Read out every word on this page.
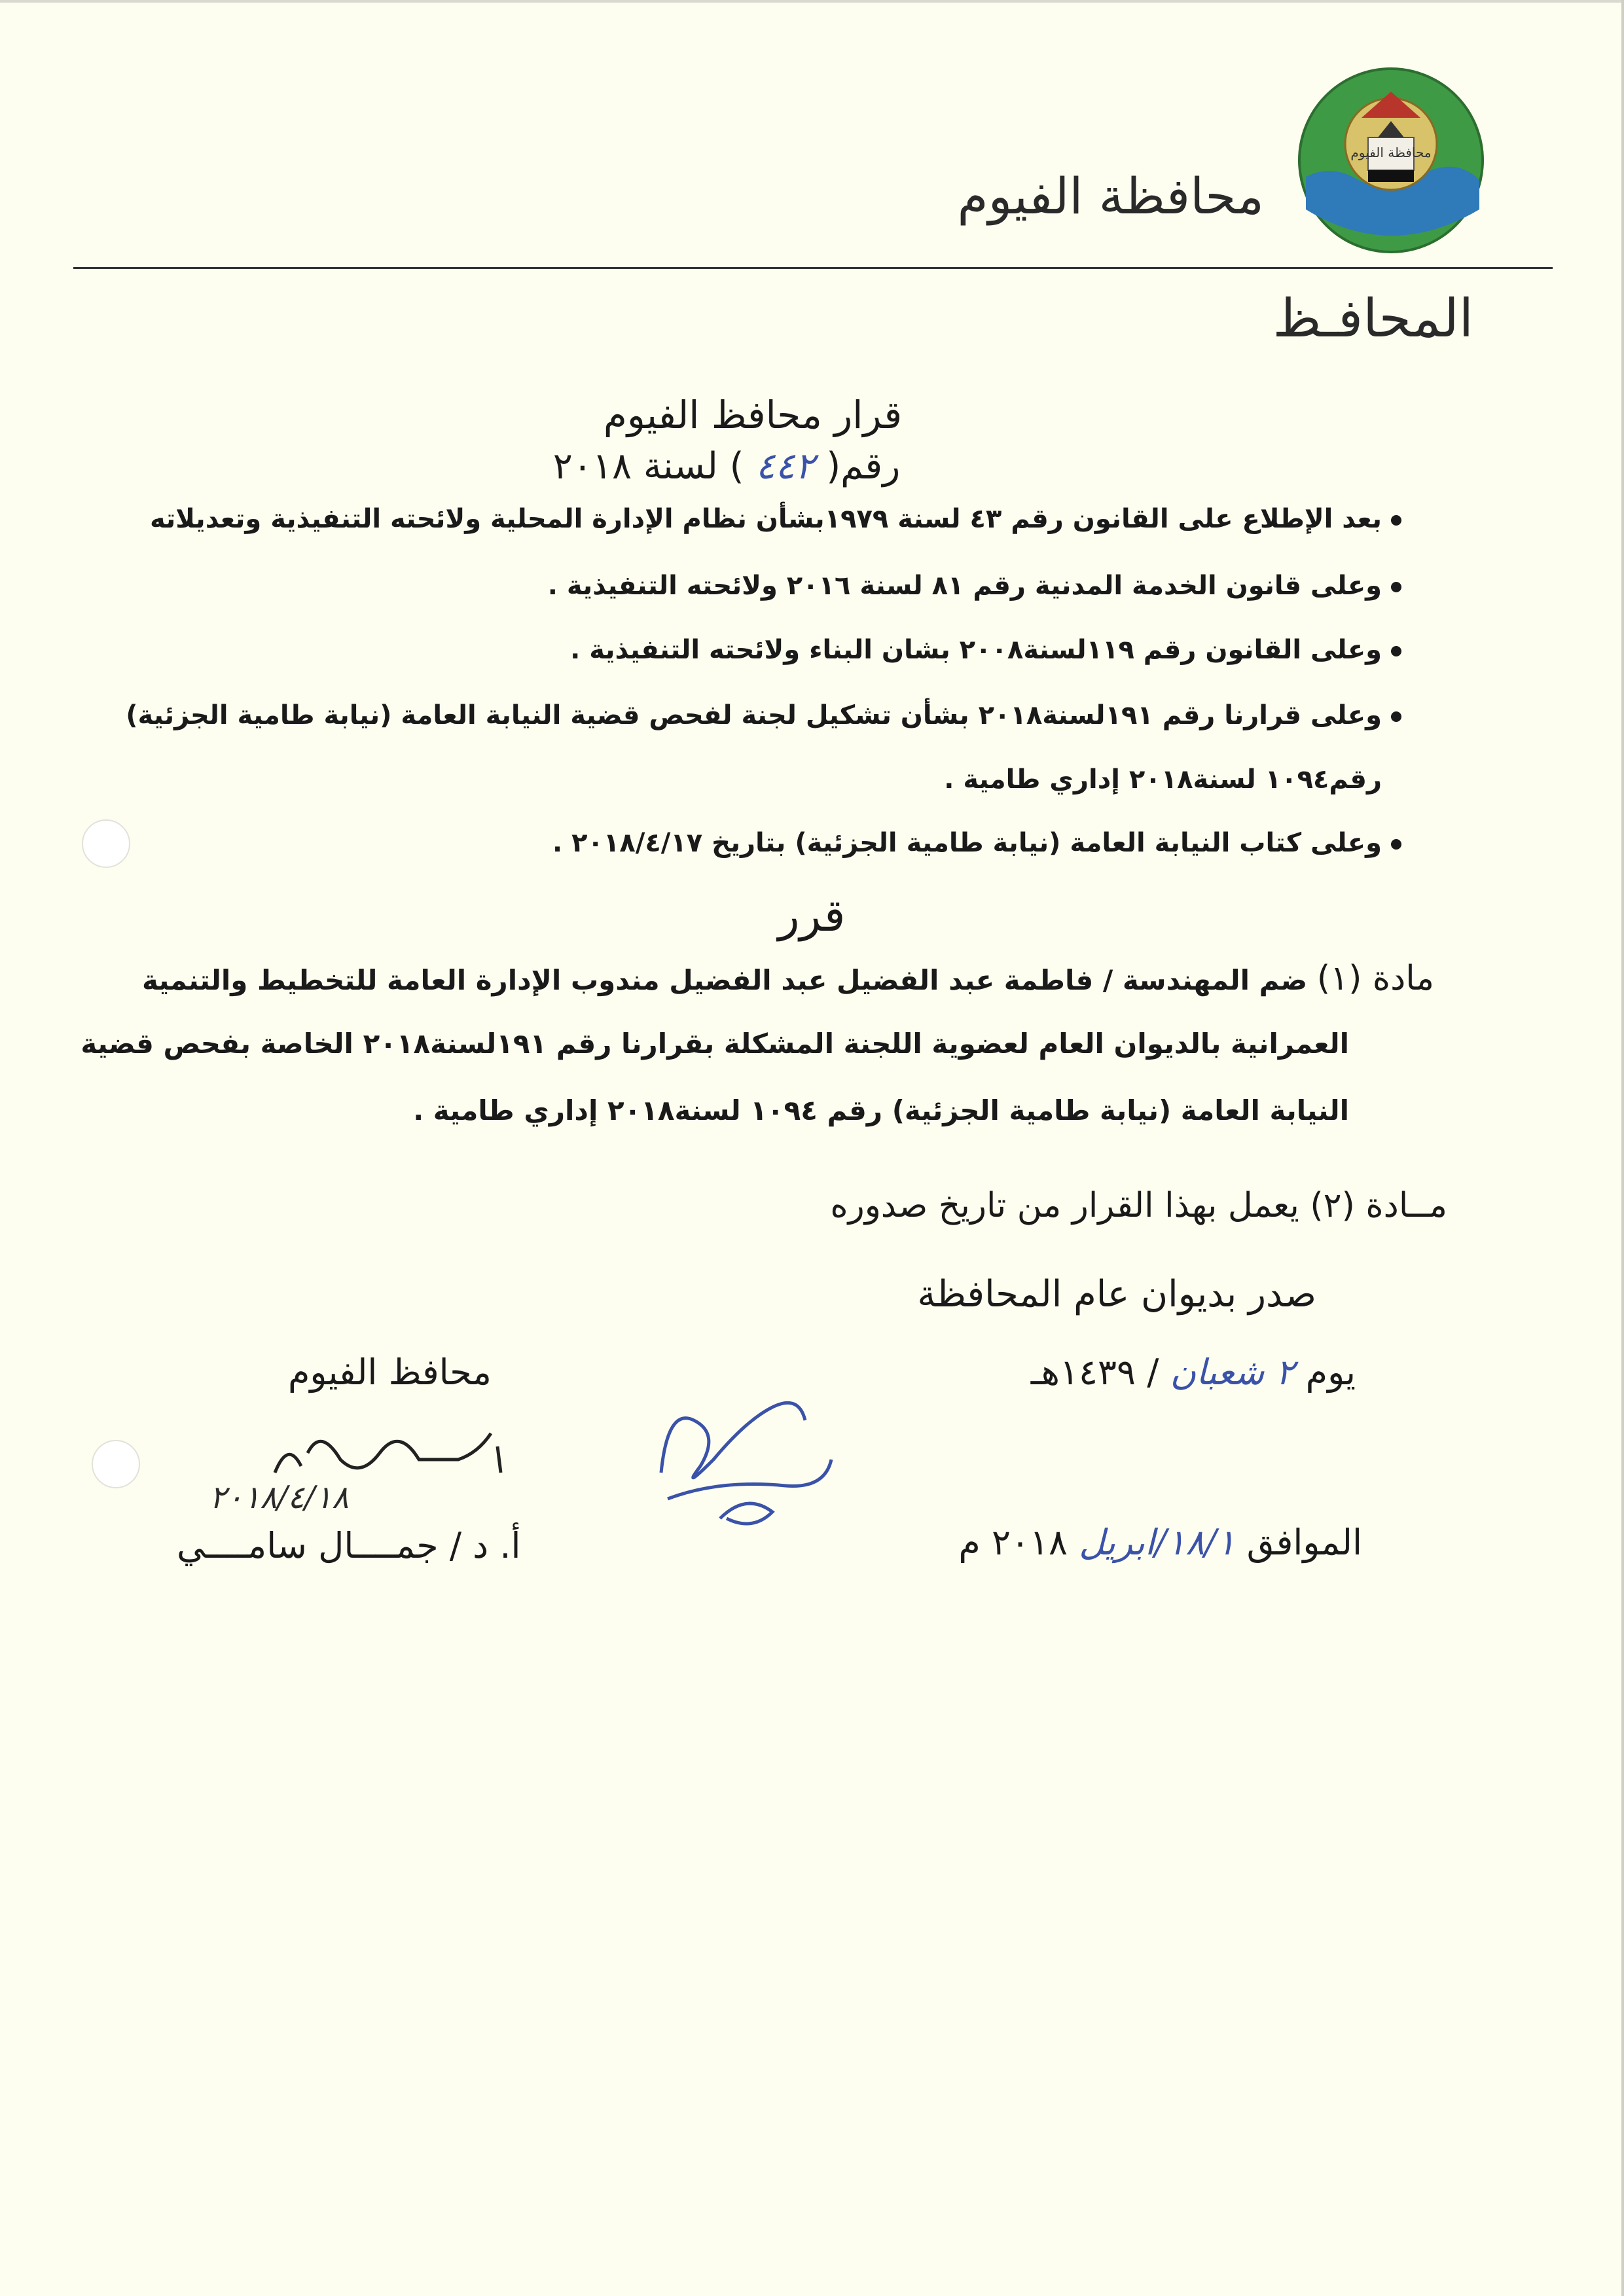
محافظة الفيوم
محافظة الفيوم
المحافـظ
قرار محافظ الفيوم
رقم( ٤٤٢ ) لسنة ٢٠١٨
بعد الإطلاع على القانون رقم ٤٣ لسنة ١٩٧٩بشأن نظام الإدارة المحلية ولائحته التنفيذية وتعديلاته
وعلى قانون الخدمة المدنية رقم ٨١ لسنة ٢٠١٦ ولائحته التنفيذية .
وعلى القانون رقم ١١٩لسنة٢٠٠٨ بشان البناء ولائحته التنفيذية .
وعلى قرارنا رقم ١٩١لسنة٢٠١٨ بشأن تشكيل لجنة لفحص قضية النيابة العامة (نيابة طامية الجزئية)
رقم١٠٩٤ لسنة٢٠١٨ إداري طامية .
وعلى كتاب النيابة العامة (نيابة طامية الجزئية) بتاريخ ٢٠١٨/٤/١٧ .
قرر
مادة (١) ضم المهندسة / فاطمة عبد الفضيل عبد الفضيل مندوب الإدارة العامة للتخطيط والتنمية
العمرانية بالديوان العام لعضوية اللجنة المشكلة بقرارنا رقم ١٩١لسنة٢٠١٨ الخاصة بفحص قضية
النيابة العامة (نيابة طامية الجزئية) رقم ١٠٩٤ لسنة٢٠١٨ إداري طامية .
مــادة (٢) يعمل بهذا القرار من تاريخ صدوره
صدر بديوان عام المحافظة
يوم ٢ شعبان / ١٤٣٩هـ
الموافق ١٨/١/ابريل ٢٠١٨ م
محافظ الفيوم
٢٠١٨/٤/١٨
أ. د / جمــــال سامــــي
